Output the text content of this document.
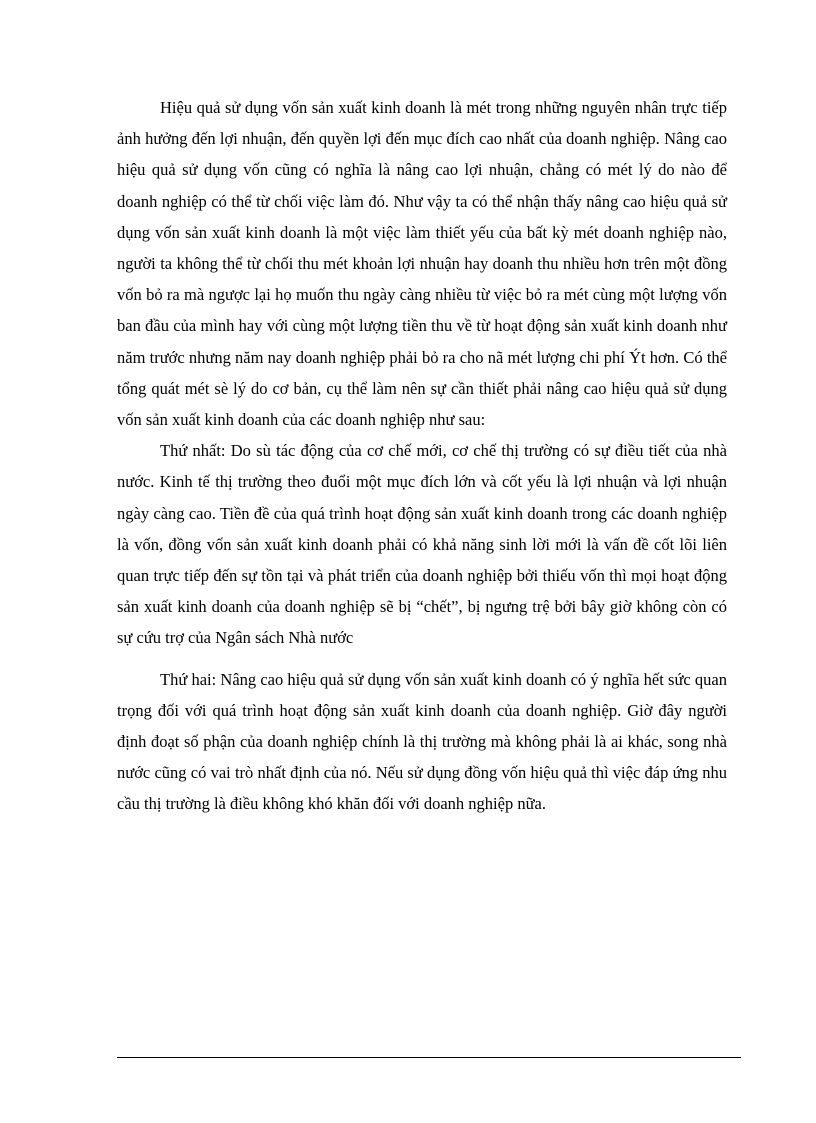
Hiệu quả sử dụng vốn sản xuất kinh doanh là mét trong những nguyên nhân trực tiếp ảnh hưởng đến lợi nhuận, đến quyền lợi đến mục đích cao nhất của doanh nghiệp. Nâng cao hiệu quả sử dụng vốn cũng có nghĩa là nâng cao lợi nhuận, chẳng có mét lý do nào để doanh nghiệp có thể từ chối việc làm đó. Như vậy ta có thể nhận thấy nâng cao hiệu quả sử dụng vốn sản xuất kinh doanh là một việc làm thiết yếu của bất kỳ mét doanh nghiệp nào, người ta không thể từ chối thu mét khoản lợi nhuận hay doanh thu nhiều hơn trên một đồng vốn bỏ ra mà ngược lại họ muốn thu ngày càng nhiều từ việc bỏ ra mét cùng một lượng vốn ban đầu của mình hay với cùng một lượng tiền thu về từ hoạt động sản xuất kinh doanh như năm trước nhưng năm nay doanh nghiệp phải bỏ ra cho nã mét lượng chi phí Ýt hơn. Có thể tổng quát mét sè lý do cơ bản, cụ thể làm nên sự cần thiết phải nâng cao hiệu quả sử dụng vốn sản xuất kinh doanh của các doanh nghiệp như sau:

Thứ nhất: Do sù tác động của cơ chế mới, cơ chế thị trường có sự điều tiết của nhà nước. Kinh tế thị trường theo đuổi một mục đích lớn và cốt yếu là lợi nhuận và lợi nhuận ngày càng cao. Tiền đề của quá trình hoạt động sản xuất kinh doanh trong các doanh nghiệp là vốn, đồng vốn sản xuất kinh doanh phải có khả năng sinh lời mới là vấn đề cốt lõi liên quan trực tiếp đến sự tồn tại và phát triển của doanh nghiệp bởi thiếu vốn thì mọi hoạt động sản xuất kinh doanh của doanh nghiệp sẽ bị “chết”, bị ngưng trệ bởi bây giờ không còn có sự cứu trợ của Ngân sách Nhà nước

Thứ hai: Nâng cao hiệu quả sử dụng vốn sản xuất kinh doanh có ý nghĩa hết sức quan trọng đối với quá trình hoạt động sản xuất kinh doanh của doanh nghiệp. Giờ đây người định đoạt số phận của doanh nghiệp chính là thị trường mà không phải là ai khác, song nhà nước cũng có vai trò nhất định của nó. Nếu sử dụng đồng vốn hiệu quả thì việc đáp ứng nhu cầu thị trường là điều không khó khăn đối với doanh nghiệp nữa.
